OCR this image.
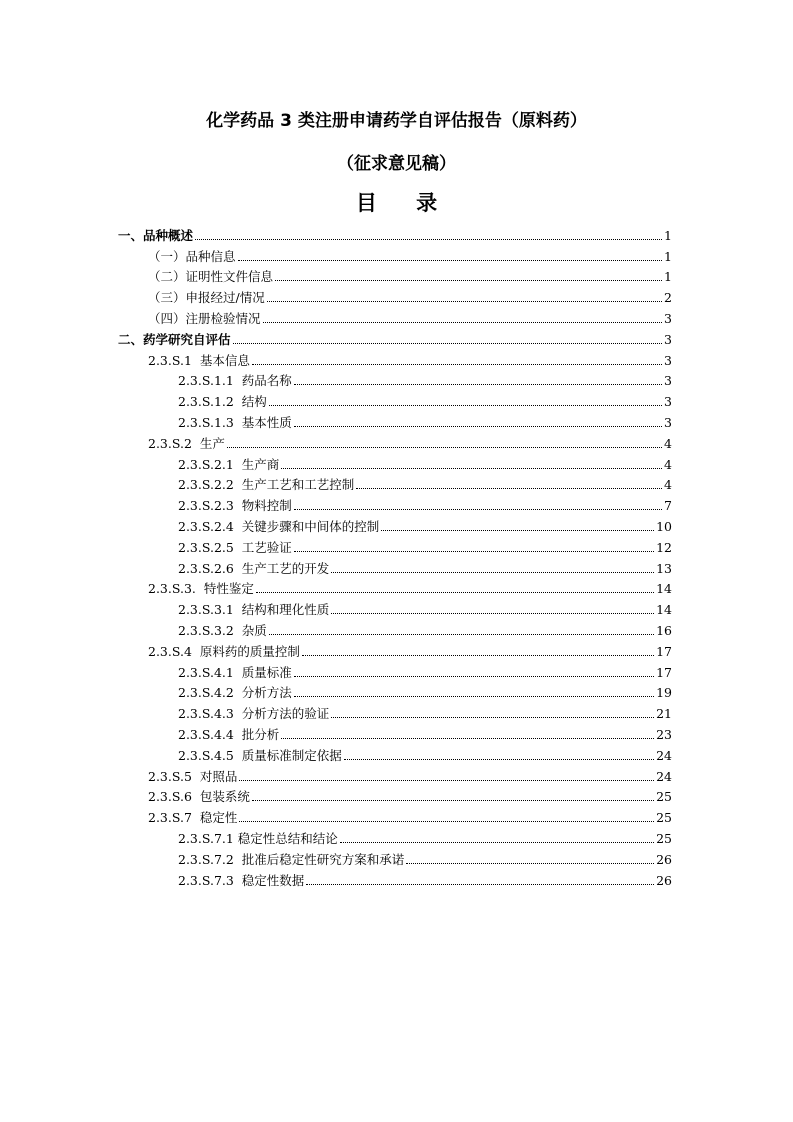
化学药品 3 类注册申请药学自评估报告（原料药）
（征求意见稿）
目 录
一、品种概述	1
（一）品种信息	1
（二）证明性文件信息	1
（三）申报经过/情况	2
（四）注册检验情况	3
二、药学研究自评估	3
2.3.S.1  基本信息	3
2.3.S.1.1  药品名称	3
2.3.S.1.2  结构	3
2.3.S.1.3  基本性质	3
2.3.S.2  生产	4
2.3.S.2.1  生产商	4
2.3.S.2.2  生产工艺和工艺控制	4
2.3.S.2.3  物料控制	7
2.3.S.2.4  关键步骤和中间体的控制	10
2.3.S.2.5  工艺验证	12
2.3.S.2.6  生产工艺的开发	13
2.3.S.3.  特性鉴定	14
2.3.S.3.1  结构和理化性质	14
2.3.S.3.2  杂质	16
2.3.S.4  原料药的质量控制	17
2.3.S.4.1  质量标准	17
2.3.S.4.2  分析方法	19
2.3.S.4.3  分析方法的验证	21
2.3.S.4.4  批分析	23
2.3.S.4.5  质量标准制定依据	24
2.3.S.5  对照品	24
2.3.S.6  包装系统	25
2.3.S.7  稳定性	25
2.3.S.7.1 稳定性总结和结论	25
2.3.S.7.2  批准后稳定性研究方案和承诺	26
2.3.S.7.3  稳定性数据	26
